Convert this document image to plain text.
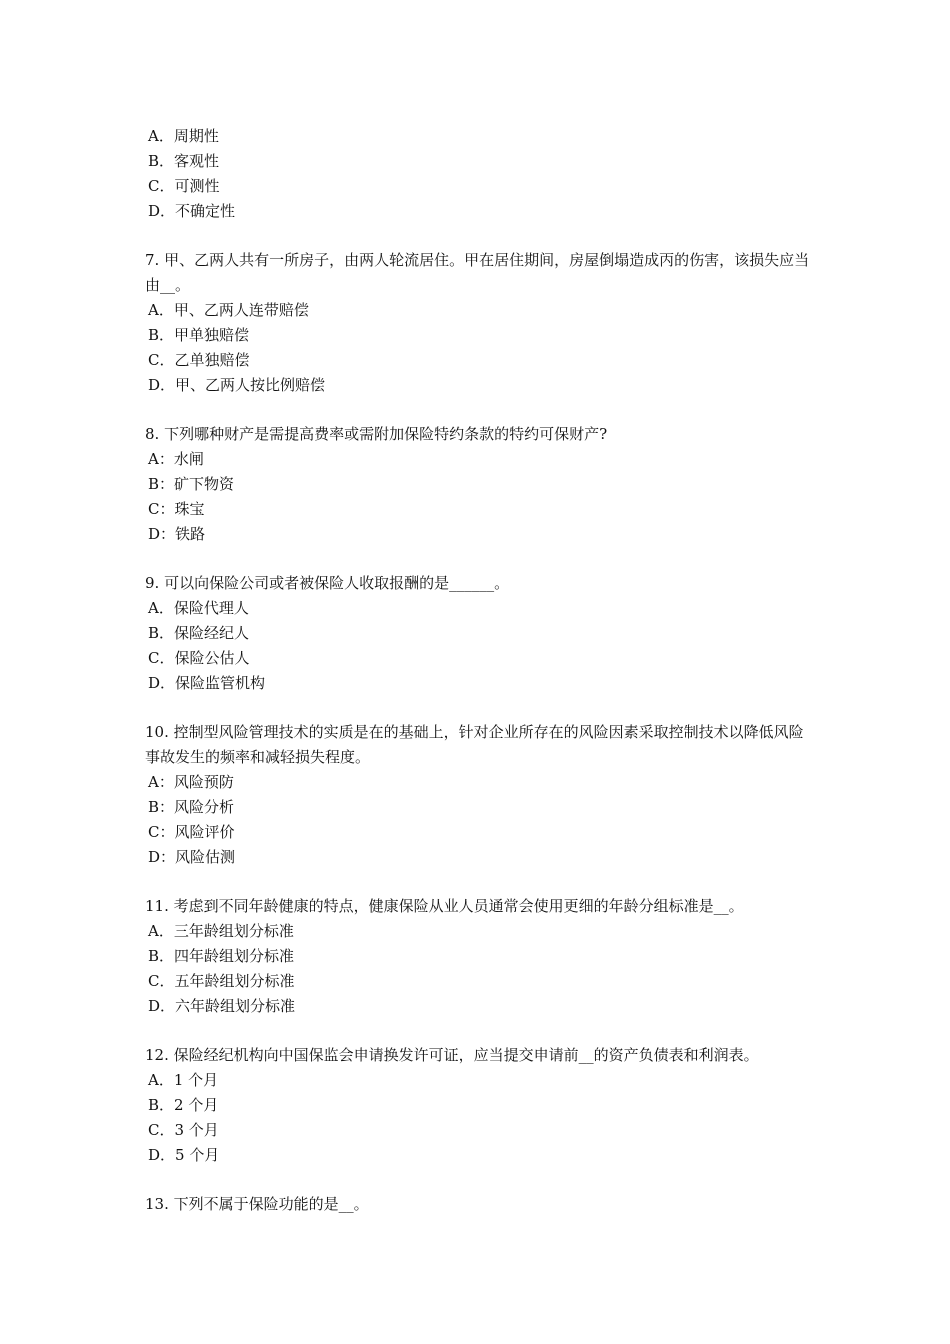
A．周期性
B．客观性
C．可测性
D．不确定性
7. 甲、乙两人共有一所房子，由两人轮流居住。甲在居住期间，房屋倒塌造成丙的伤害，该损失应当由__。
A．甲、乙两人连带赔偿
B．甲单独赔偿
C．乙单独赔偿
D．甲、乙两人按比例赔偿
8. 下列哪种财产是需提高费率或需附加保险特约条款的特约可保财产?
A：水闸
B：矿下物资
C：珠宝
D：铁路
9. 可以向保险公司或者被保险人收取报酬的是______。
A．保险代理人
B．保险经纪人
C．保险公估人
D．保险监管机构
10. 控制型风险管理技术的实质是在的基础上，针对企业所存在的风险因素采取控制技术以降低风险事故发生的频率和减轻损失程度。
A：风险预防
B：风险分析
C：风险评价
D：风险估测
11. 考虑到不同年龄健康的特点，健康保险从业人员通常会使用更细的年龄分组标准是__。
A．三年龄组划分标准
B．四年龄组划分标准
C．五年龄组划分标准
D．六年龄组划分标准
12. 保险经纪机构向中国保监会申请换发许可证，应当提交申请前__的资产负债表和利润表。
A．1 个月
B．2 个月
C．3 个月
D．5 个月
13. 下列不属于保险功能的是__。
